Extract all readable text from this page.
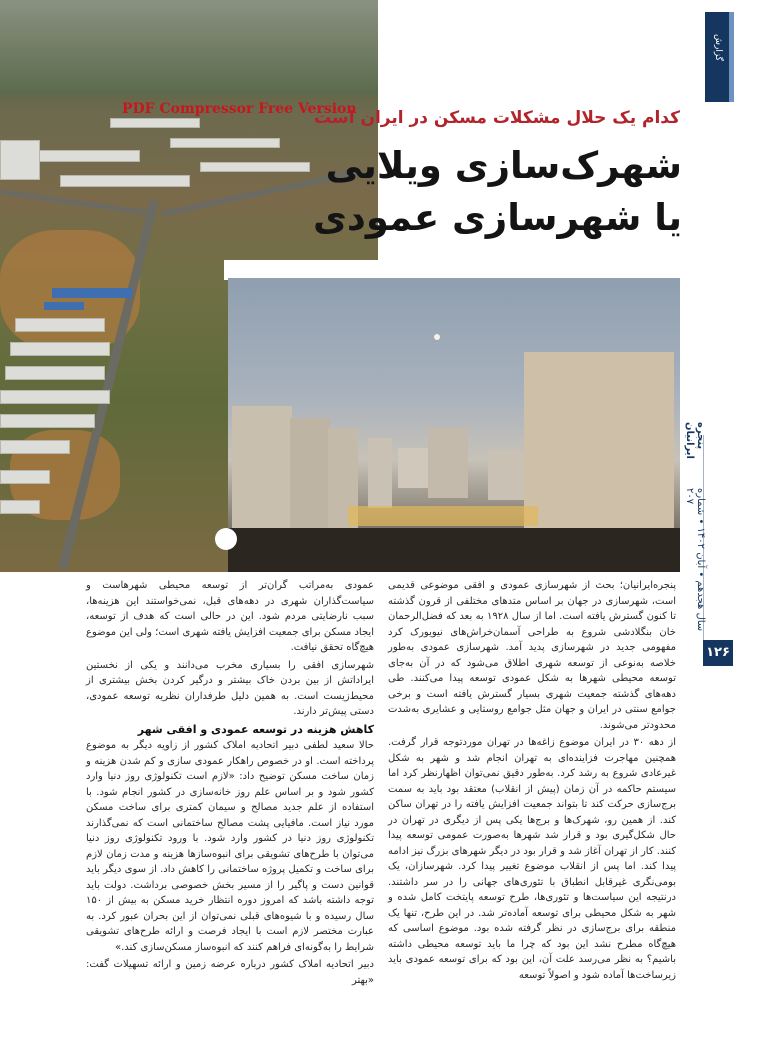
PDF Compressor Free Version
کدام یک حلال مشکلات مسکن در ایران است
شهرک‌سازی ویلایی
یا شهرسازی عمودی
گزارش
پنجره ایرانیان
سال هجدهم • آبان ۱۴۰۲ • شماره ۲۰۷
۱۲۶

پنجره‌ایرانیان؛ بحث از شهرسازی عمودی و افقی موضوعی قدیمی است، شهرسازی در جهان بر اساس متدهای مختلفی از قرون گذشته تا کنون گسترش یافته است. اما از سال ۱۹۲۸ به بعد که فضل‌الرحمان خان بنگلادشی شروع به طراحی آسمان‌خراش‌های نیویورک کرد مفهومی جدید در شهرسازی پدید آمد. شهرسازی عمودی به‌طور خلاصه به‌نوعی از توسعه شهری اطلاق می‌شود که در آن به‌جای توسعه محیطی شهرها به شکل عمودی توسعه پیدا می‌کنند. طی دهه‌های گذشته جمعیت شهری بسیار گسترش یافته است و برخی جوامع سنتی در ایران و جهان مثل جوامع روستایی و عشایری به‌شدت محدودتر می‌شوند.

از دهه ۳۰ در ایران موضوع زاغه‌ها در تهران موردتوجه قرار گرفت. همچنین مهاجرت فزاینده‌ای به تهران انجام شد و شهر به شکل غیرعادی شروع به رشد کرد. به‌طور دقیق نمی‌توان اظهارنظر کرد اما سیستم حاکمه در آن زمان (پیش از انقلاب) معتقد بود باید به سمت برج‌سازی حرکت کند تا بتواند جمعیت افزایش یافته را در تهران ساکن کند. از همین رو، شهرک‌ها و برج‌ها یکی پس از دیگری در تهران در حال شکل‌گیری بود و قرار شد شهرها به‌صورت عمومی توسعه پیدا کنند. کار از تهران آغاز شد و قرار بود در دیگر شهرهای بزرگ نیز ادامه پیدا کند. اما پس از انقلاب موضوع تغییر پیدا کرد. شهرسازان، یک بومی‌نگری غیرقابل انطباق با تئوری‌های جهانی را در سر داشتند. درنتیجه این سیاست‌ها و تئوری‌ها، طرح توسعه پایتخت کامل شده و شهر به شکل محیطی برای توسعه آماده‌تر شد. در این طرح، تنها یک منطقه برای برج‌سازی در نظر گرفته شده بود. موضوع اساسی که هیچ‌گاه مطرح نشد این بود که چرا ما باید توسعه محیطی داشته باشیم؟ به نظر می‌رسد علت آن، این بود که برای توسعه عمودی باید زیرساخت‌ها آماده شود و اصولاً توسعه

عمودی به‌مراتب گران‌تر از توسعه محیطی شهرهاست و سیاست‌گذاران شهری در دهه‌های قبل، نمی‌خواستند این هزینه‌ها، سبب نارضایتی مردم شود. این در حالی است که هدف از توسعه، ایجاد مسکن برای جمعیت افزایش یافته شهری است؛ ولی این موضوع هیچ‌گاه تحقق نیافت.

شهرسازی افقی را بسیاری مخرب می‌دانند و یکی از نخستین ایراداتش از بین بردن خاک بیشتر و درگیر کردن بخش بیشتری از محیط‌زیست است. به همین دلیل طرفداران نظریه توسعه عمودی، دستی پیش‌تر دارند.

کاهش هزینه در توسعه عمودی و افقی شهر

حالا سعید لطفی دبیر اتحادیه املاک کشور از زاویه دیگر به موضوع پرداخته است. او در خصوص راهکار عمودی سازی و کم شدن هزینه و زمان ساخت مسکن توضیح داد: «لازم است تکنولوژی روز دنیا وارد کشور شود و بر اساس علم روز خانه‌سازی در کشور انجام شود. با استفاده از علم جدید مصالح و سیمان کمتری برای ساخت مسکن مورد نیاز است. مافیایی پشت مصالح ساختمانی است که نمی‌گذارند تکنولوژی روز دنیا در کشور وارد شود. با ورود تکنولوژی روز دنیا می‌توان با طرح‌های تشویقی برای انبوه‌سازها هزینه و مدت زمان لازم برای ساخت و تکمیل پروژه ساختمانی را کاهش داد. از سوی دیگر باید قوانین دست و پاگیر را از مسیر بخش خصوصی برداشت. دولت باید توجه داشته باشد که امروز دوره انتظار خرید مسکن به بیش از ۱۵۰ سال رسیده و با شیوه‌های قبلی نمی‌توان از این بحران عبور کرد. به عبارت مختصر لازم است با ایجاد فرصت و ارائه طرح‌های تشویقی شرایط را به‌گونه‌ای فراهم کنند که انبوه‌ساز مسکن‌سازی کند.»

دبیر اتحادیه املاک کشور درباره عرضه زمین و ارائه تسهیلات گفت: «بهتر
